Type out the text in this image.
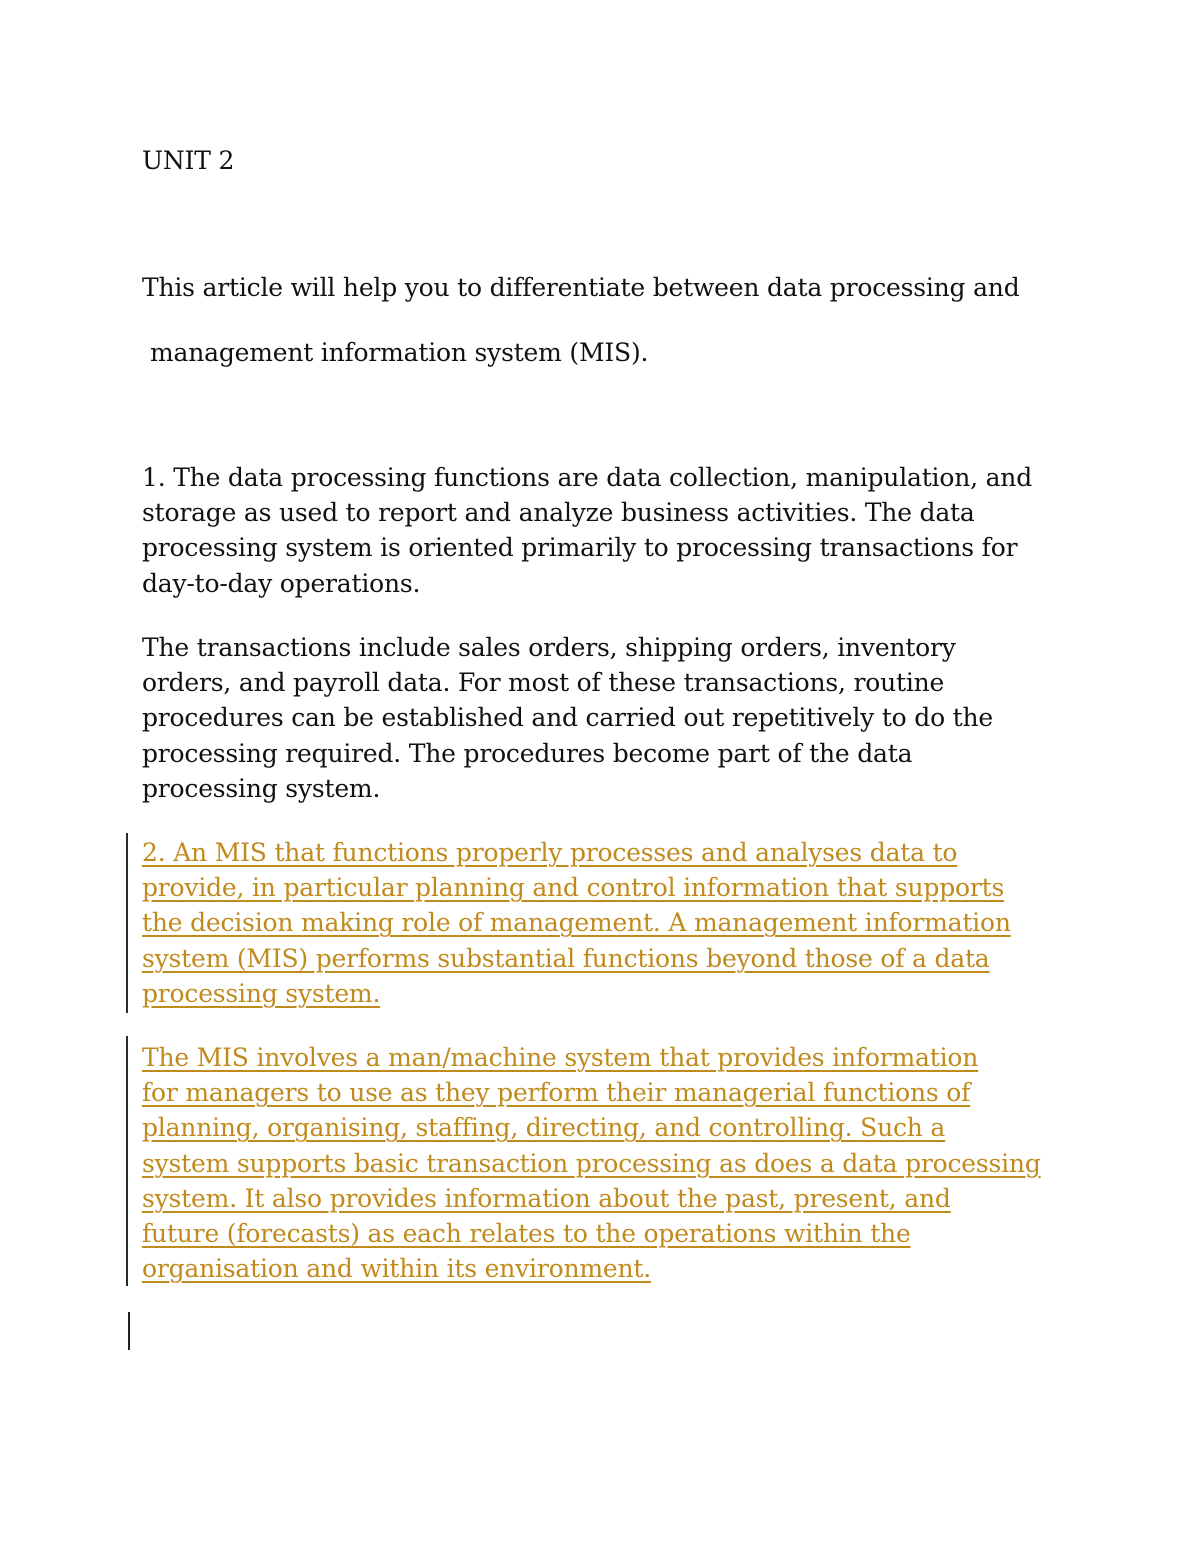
UNIT 2
This article will help you to differentiate between data processing and
management information system (MIS).
1. The data processing functions are data collection, manipulation, and
storage as used to report and analyze business activities. The data
processing system is oriented primarily to processing transactions for
day-to-day operations.
The transactions include sales orders, shipping orders, inventory
orders, and payroll data. For most of these transactions, routine
procedures can be established and carried out repetitively to do the
processing required. The procedures become part of the data
processing system.
2. An MIS that functions properly processes and analyses data to
provide, in particular planning and control information that supports
the decision making role of management. A management information
system (MIS) performs substantial functions beyond those of a data
processing system.
The MIS involves a man/machine system that provides information
for managers to use as they perform their managerial functions of
planning, organising, staffing, directing, and controlling. Such a
system supports basic transaction processing as does a data processing
system. It also provides information about the past, present, and
future (forecasts) as each relates to the operations within the
organisation and within its environment.
